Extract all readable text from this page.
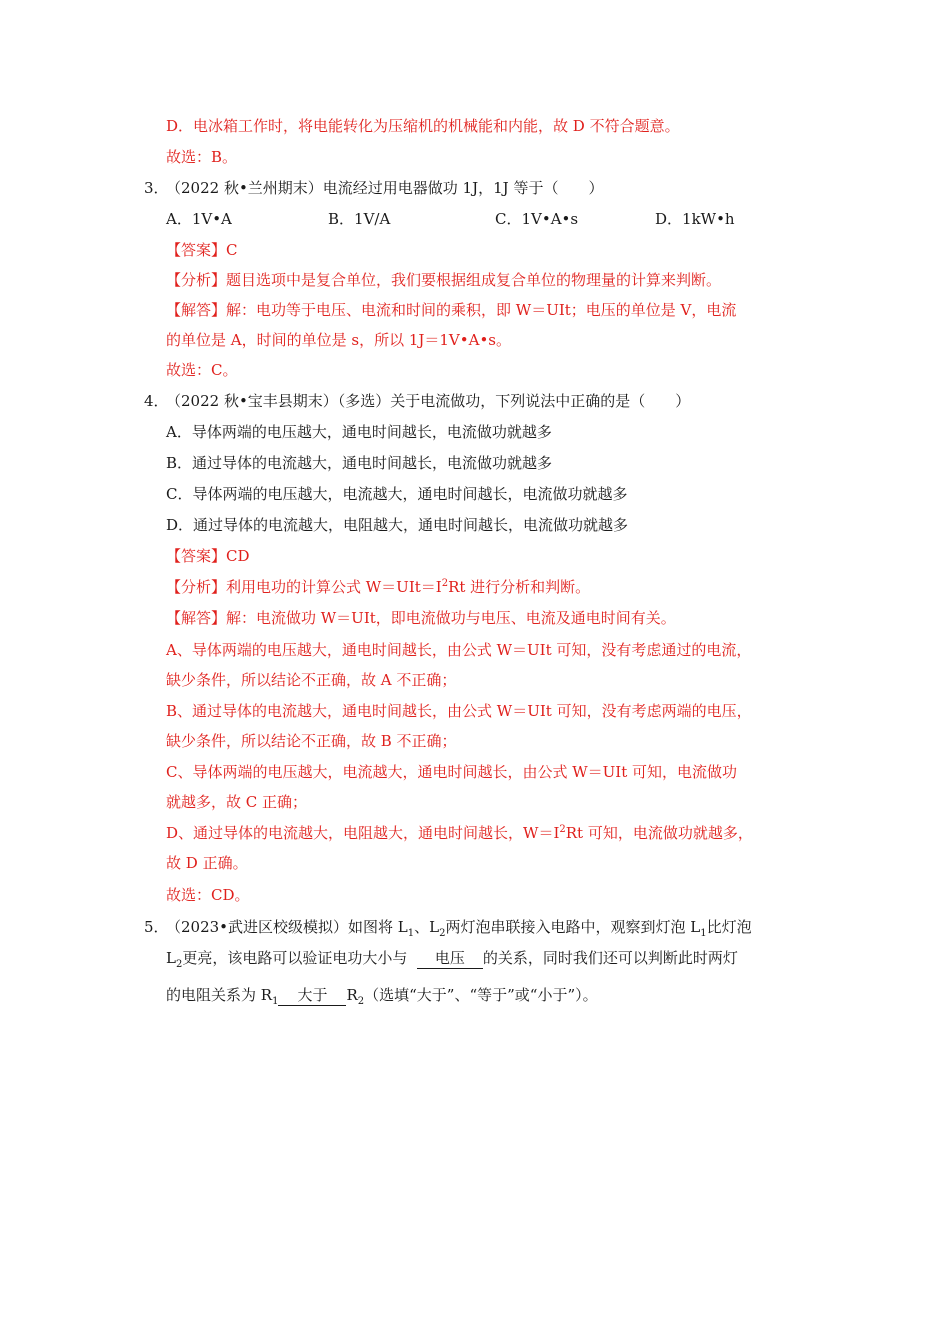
D．电冰箱工作时，将电能转化为压缩机的机械能和内能，故 D 不符合题意。
故选：B。
3．
（2022 秋•兰州期末）电流经过用电器做功 1J，1J 等于（　　）
A．1V•A	B．1V/A	C．1V•A•s	D．1kW•h
【答案】C
【分析】题目选项中是复合单位，我们要根据组成复合单位的物理量的计算来判断。
【解答】解：电功等于电压、电流和时间的乘积，即 W＝UIt；电压的单位是 V，电流
的单位是 A，时间的单位是 s，所以 1J＝1V•A•s。
故选：C。
4．
（2022 秋•宝丰县期末）（多选）关于电流做功，下列说法中正确的是（　　）
A．导体两端的电压越大，通电时间越长，电流做功就越多
B．通过导体的电流越大，通电时间越长，电流做功就越多
C．导体两端的电压越大，电流越大，通电时间越长，电流做功就越多
D．通过导体的电流越大，电阻越大，通电时间越长，电流做功就越多
【答案】CD
【分析】利用电功的计算公式 $W=UIt=I^2Rt$ 进行分析和判断。
【解答】解：电流做功 W＝UIt，即电流做功与电压、电流及通电时间有关。
A、导体两端的电压越大，通电时间越长，由公式 W＝UIt 可知，没有考虑通过的电流，
缺少条件，所以结论不正确，故 A 不正确；
B、通过导体的电流越大，通电时间越长，由公式 W＝UIt 可知，没有考虑两端的电压，
缺少条件，所以结论不正确，故 B 不正确；
C、导体两端的电压越大，电流越大，通电时间越长，由公式 W＝UIt 可知，电流做功
就越多，故 C 正确；
D、通过导体的电流越大，电阻越大，通电时间越长，$W=I^2Rt$ 可知，电流做功就越多，
故 D 正确。
故选：CD。
5．
（2023•武进区校级模拟）如图将 $L_1$、$L_2$两灯泡串联接入电路中，观察到灯泡 $L_1$比灯泡
$L_2$更亮，该电路可以验证电功大小与 电压 的关系，同时我们还可以判断此时两灯
的电阻关系为 $R_1$ 大于 $R_2$（选填“大于”、“等于”或“小于”）。
